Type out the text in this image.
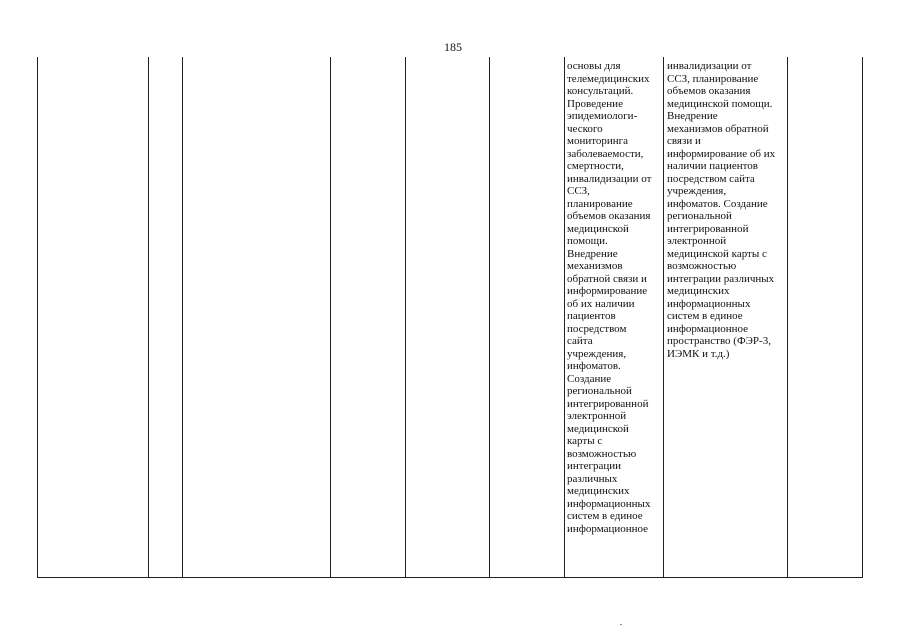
185

основы для
телемедицинских
консультаций.
Проведение
эпидемиологи-
ческого
мониторинга
заболеваемости,
смертности,
инвалидизации от
ССЗ,
планирование
объемов оказания
медицинской
помощи.
Внедрение
механизмов
обратной связи и
информирование
об их наличии
пациентов
посредством
сайта
учреждения,
инфоматов.
Создание
региональной
интегрированной
электронной
медицинской
карты с
возможностью
интеграции
различных
медицинских
информационных
систем в единое
информационное

инвалидизации от
ССЗ, планирование
объемов оказания
медицинской помощи.
Внедрение
механизмов обратной
связи и
информирование об их
наличии пациентов
посредством сайта
учреждения,
инфоматов. Создание
региональной
интегрированной
электронной
медицинской карты с
возможностью
интеграции различных
медицинских
информационных
систем в единое
информационное
пространство (ФЭР-3,
ИЭМК и т.д.)
